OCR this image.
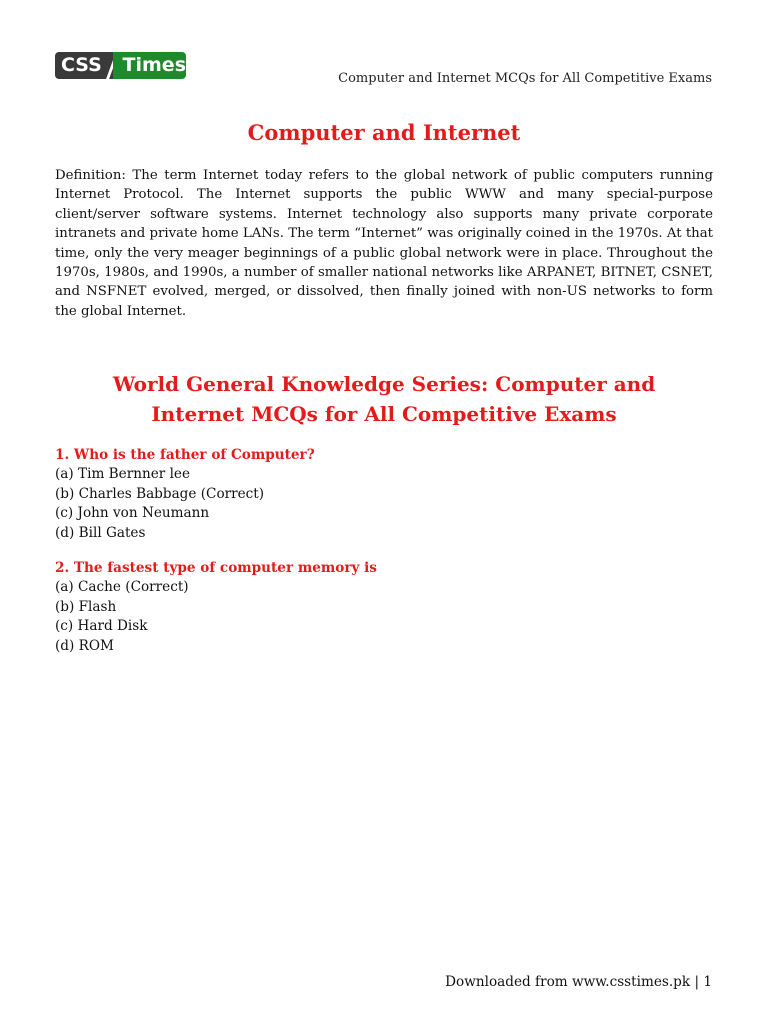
CSS	Times
Computer and Internet MCQs for All Competitive Exams
Computer and Internet

Definition: The term Internet today refers to the global network of public computers running Internet Protocol. The Internet supports the public WWW and many special-purpose client/server software systems. Internet technology also supports many private corporate intranets and private home LANs. The term “Internet” was originally coined in the 1970s. At that time, only the very meager beginnings of a public global network were in place. Throughout the 1970s, 1980s, and 1990s, a number of smaller national networks like ARPANET, BITNET, CSNET, and NSFNET evolved, merged, or dissolved, then finally joined with non-US networks to form the global Internet.

World General Knowledge Series: Computer and
Internet MCQs for All Competitive Exams
1. Who is the father of Computer?
(a) Tim Bernner lee
(b) Charles Babbage (Correct)
(c) John von Neumann
(d) Bill Gates
2. The fastest type of computer memory is
(a) Cache (Correct)
(b) Flash
(c) Hard Disk
(d) ROM
Downloaded from www.csstimes.pk | 1
